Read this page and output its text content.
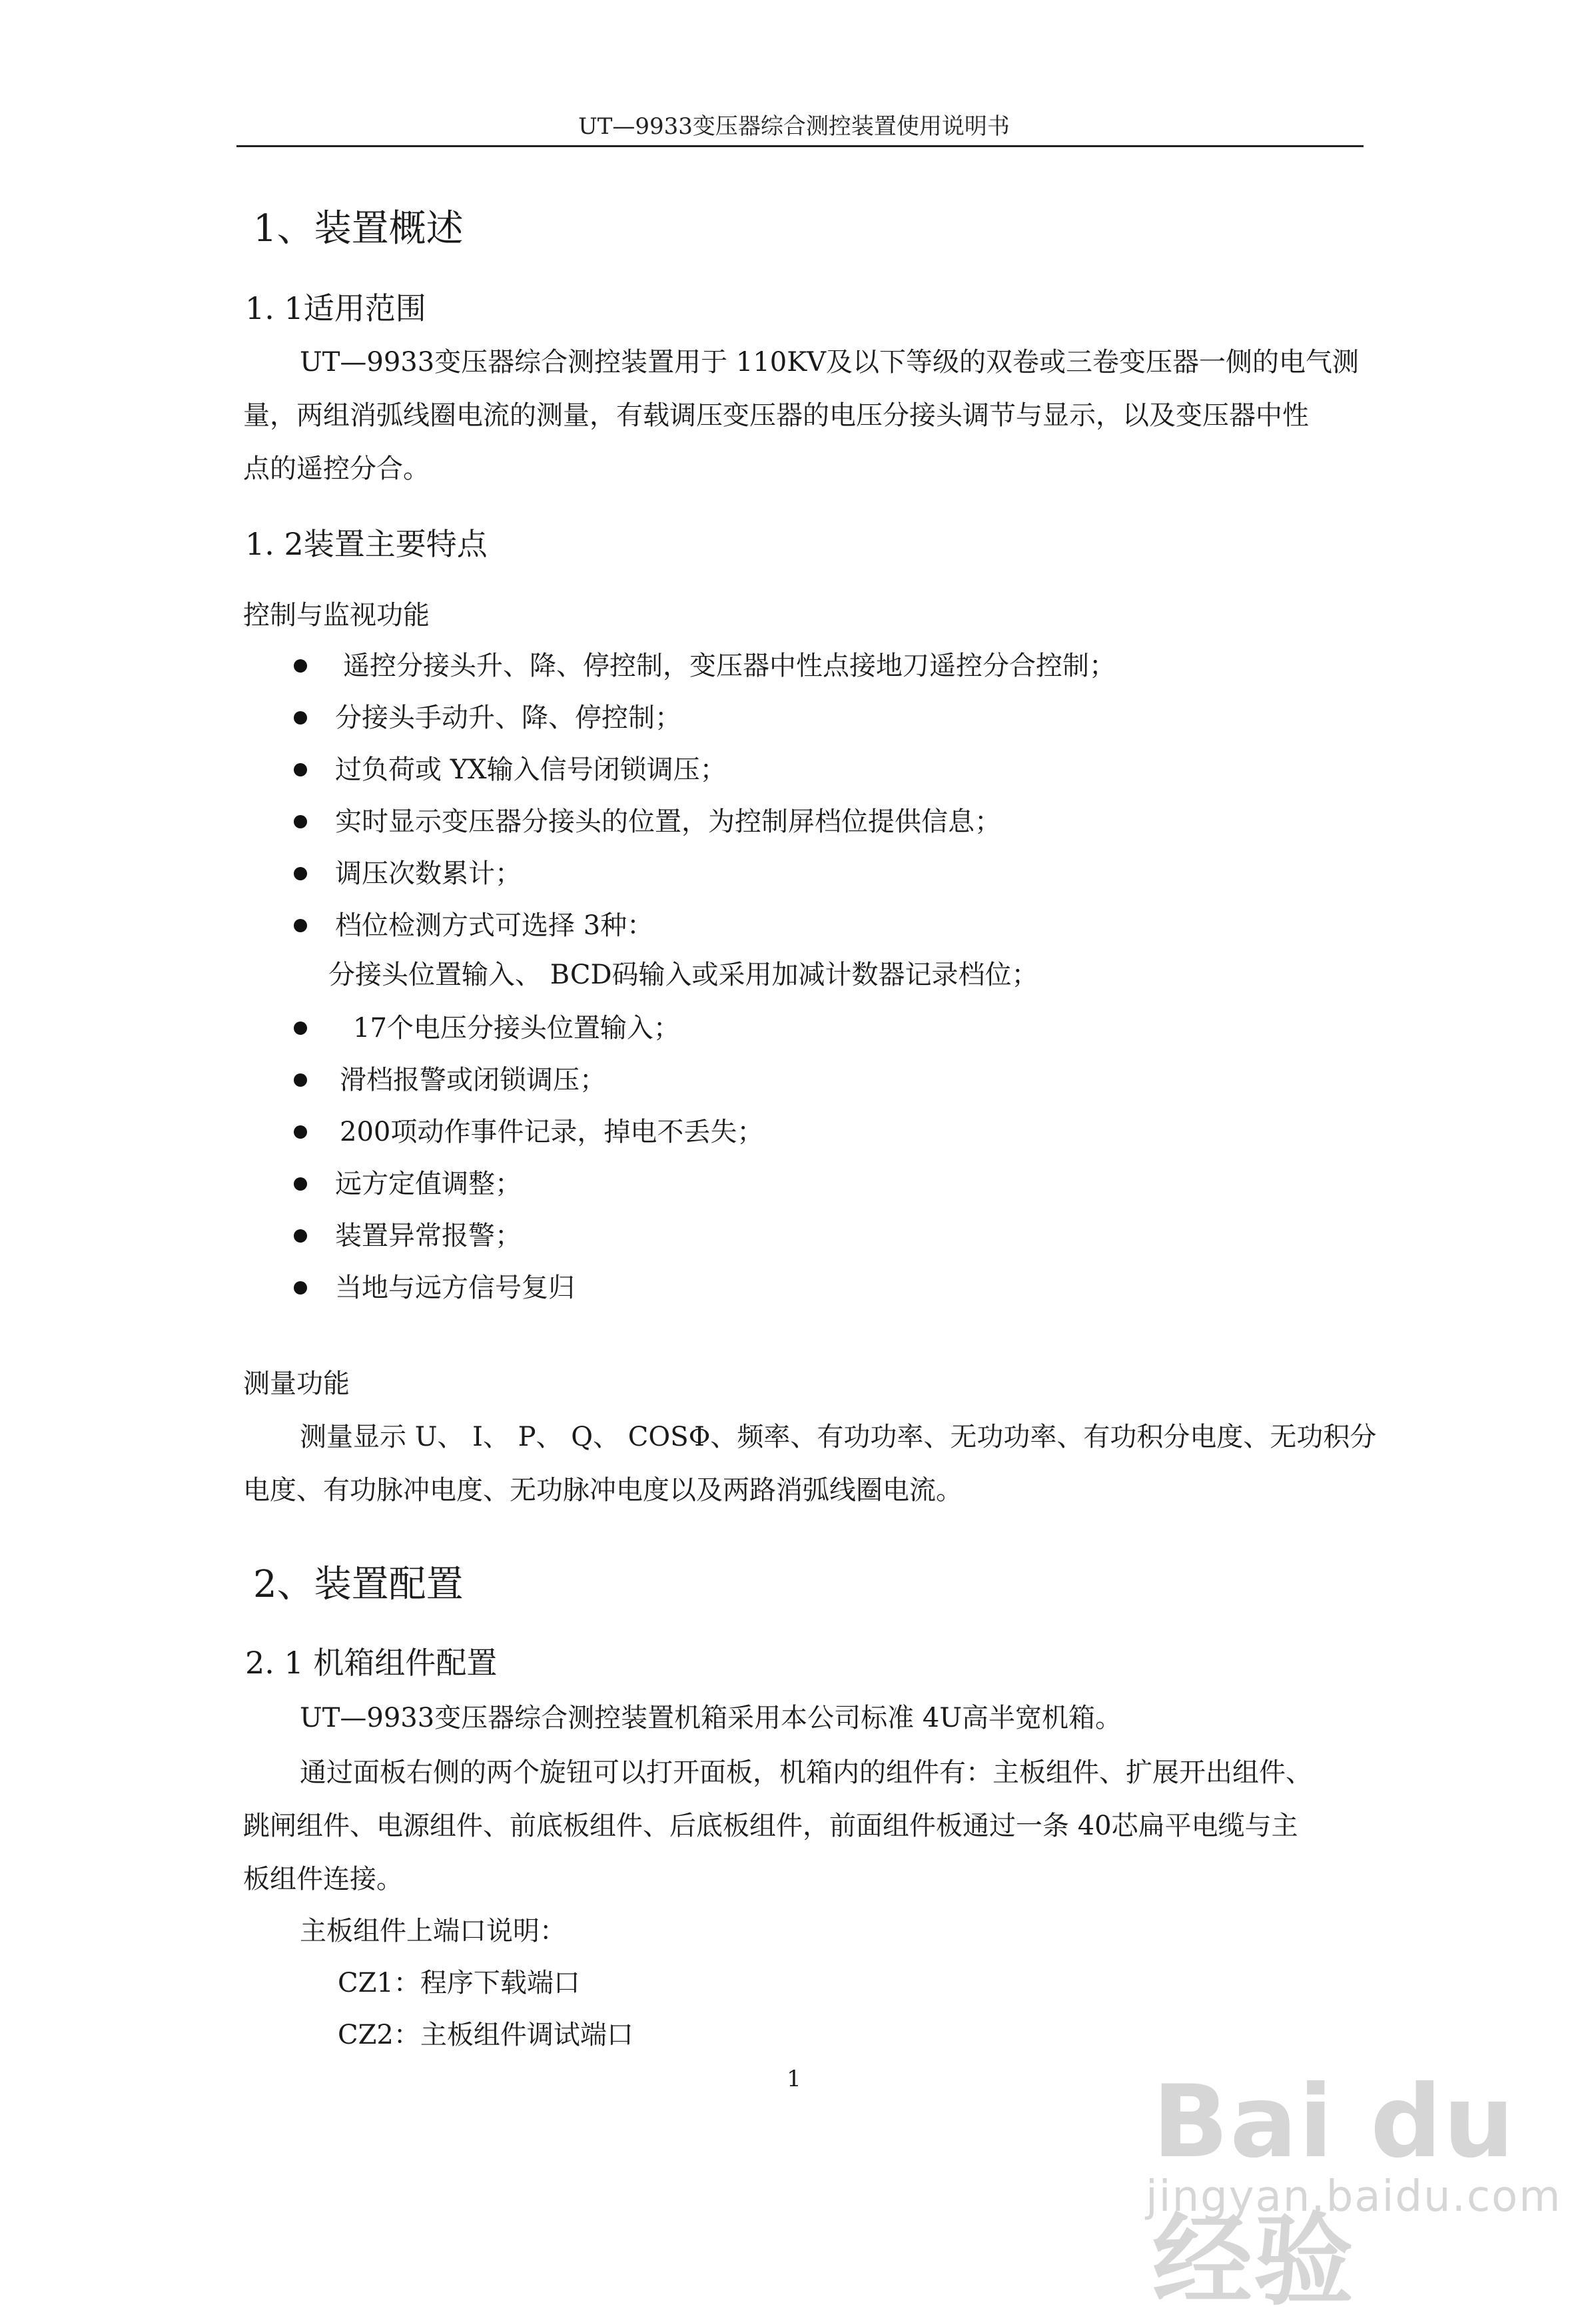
UT—9933变压器综合测控装置使用说明书
1、装置概述
1. 1适用范围
UT—9933变压器综合测控装置用于 110KV及以下等级的双卷或三卷变压器一侧的电气测
量，两组消弧线圈电流的测量，有载调压变压器的电压分接头调节与显示，以及变压器中性
点的遥控分合。
1. 2装置主要特点
控制与监视功能
遥控分接头升、降、停控制，变压器中性点接地刀遥控分合控制；
分接头手动升、降、停控制；
过负荷或 YX输入信号闭锁调压；
实时显示变压器分接头的位置，为控制屏档位提供信息；
调压次数累计；
档位检测方式可选择 3种：
分接头位置输入、 BCD码输入或采用加减计数器记录档位；
17个电压分接头位置输入；
滑档报警或闭锁调压；
200项动作事件记录，掉电不丢失；
远方定值调整；
装置异常报警；
当地与远方信号复归
测量功能
测量显示 U、 I、 P、 Q、 COSΦ、频率、有功功率、无功功率、有功积分电度、无功积分
电度、有功脉冲电度、无功脉冲电度以及两路消弧线圈电流。
2、装置配置
2. 1 机箱组件配置
UT—9933变压器综合测控装置机箱采用本公司标准 4U高半宽机箱。
通过面板右侧的两个旋钮可以打开面板，机箱内的组件有：主板组件、扩展开出组件、
跳闸组件、电源组件、前底板组件、后底板组件，前面组件板通过一条 40芯扁平电缆与主
板组件连接。
主板组件上端口说明：
CZ1：程序下载端口
CZ2：主板组件调试端口
1	Bai du 经验
jingyan.baidu.com
